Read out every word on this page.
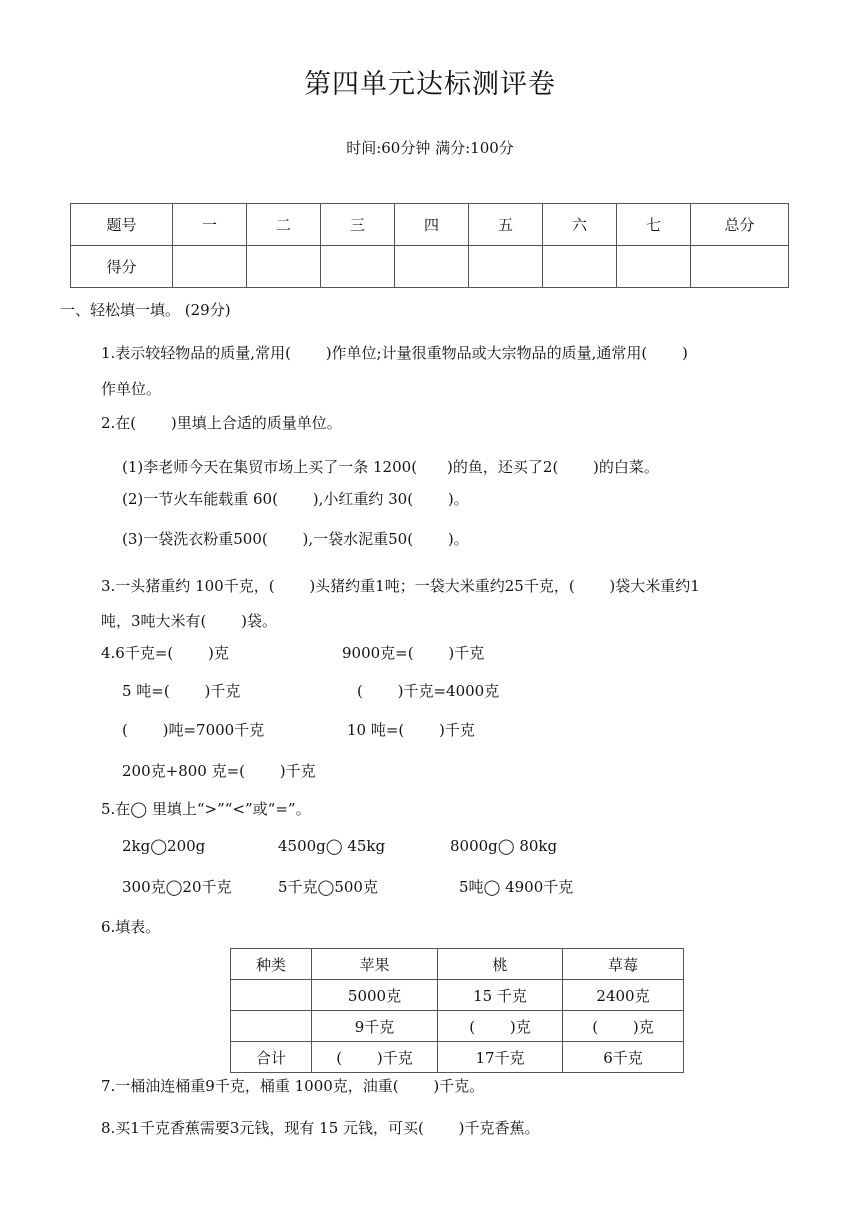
第四单元达标测评卷
时间:60分钟 满分:100分
题号	一	二	三	四	五	六	七	总分
得分								
一、轻松填一填。 (29分)
1.表示较轻物品的质量,常用(　　 )作单位;计量很重物品或大宗物品的质量,通常用(　　 )
作单位。
2.在(　　 )里填上合适的质量单位。
(1)李老师今天在集贸市场上买了一条 1200(　　)的鱼，还买了2(　　 )的白菜。
(2)一节火车能载重 60(　　 ),小红重约 30(　　 )。
(3)一袋洗衣粉重500(　　 ),一袋水泥重50(　　 )。
3.一头猪重约 100千克，(　　 )头猪约重1吨；一袋大米重约25千克，(　　 )袋大米重约1
吨，3吨大米有(　　 )袋。
4.6千克=(　　 )克	9000克=(　　 )千克
5 吨=(　　 )千克	(　　 )千克=4000克
(　　 )吨=7000千克	10 吨=(　　 )千克
200克+800 克=(　　 )千克
5.在◯ 里填上“>”“<”或“=”。
2kg◯200g	4500g◯ 45kg	8000g◯ 80kg
300克◯20千克	5千克◯500克	5吨◯ 4900千克
6.填表。
种类	苹果	桃	草莓
	5000克	15 千克	2400克
	9千克	(　　 )克	(　　 )克
合计	(　　 )千克	17千克	6千克
7.一桶油连桶重9千克，桶重 1000克，油重(　　 )千克。
8.买1千克香蕉需要3元钱，现有 15 元钱，可买(　　 )千克香蕉。
